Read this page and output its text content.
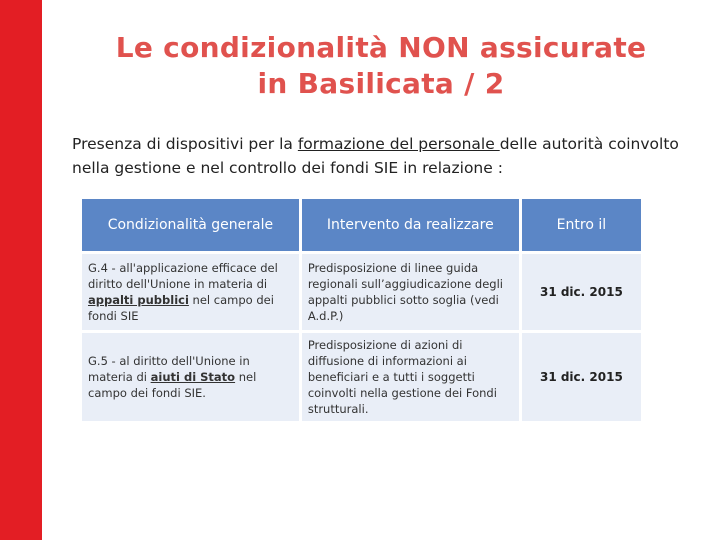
Le condizionalità NON assicurate
in Basilicata / 2
Presenza di dispositivi per la formazione del personale delle autorità coinvolto nella gestione e nel controllo dei fondi SIE in relazione :
Condizionalità generale	Intervento da realizzare	Entro il
G.4 - all'applicazione efficace del diritto dell'Unione in materia di appalti pubblici nel campo dei fondi SIE	Predisposizione di linee guida regionali sull’aggiudicazione degli appalti pubblici sotto soglia (vedi A.d.P.)	31 dic. 2015
G.5 - al diritto dell'Unione in materia di aiuti di Stato nel campo dei fondi SIE.	Predisposizione di azioni di diffusione di informazioni ai beneficiari e a tutti i soggetti coinvolti nella gestione dei Fondi strutturali.	31 dic. 2015
